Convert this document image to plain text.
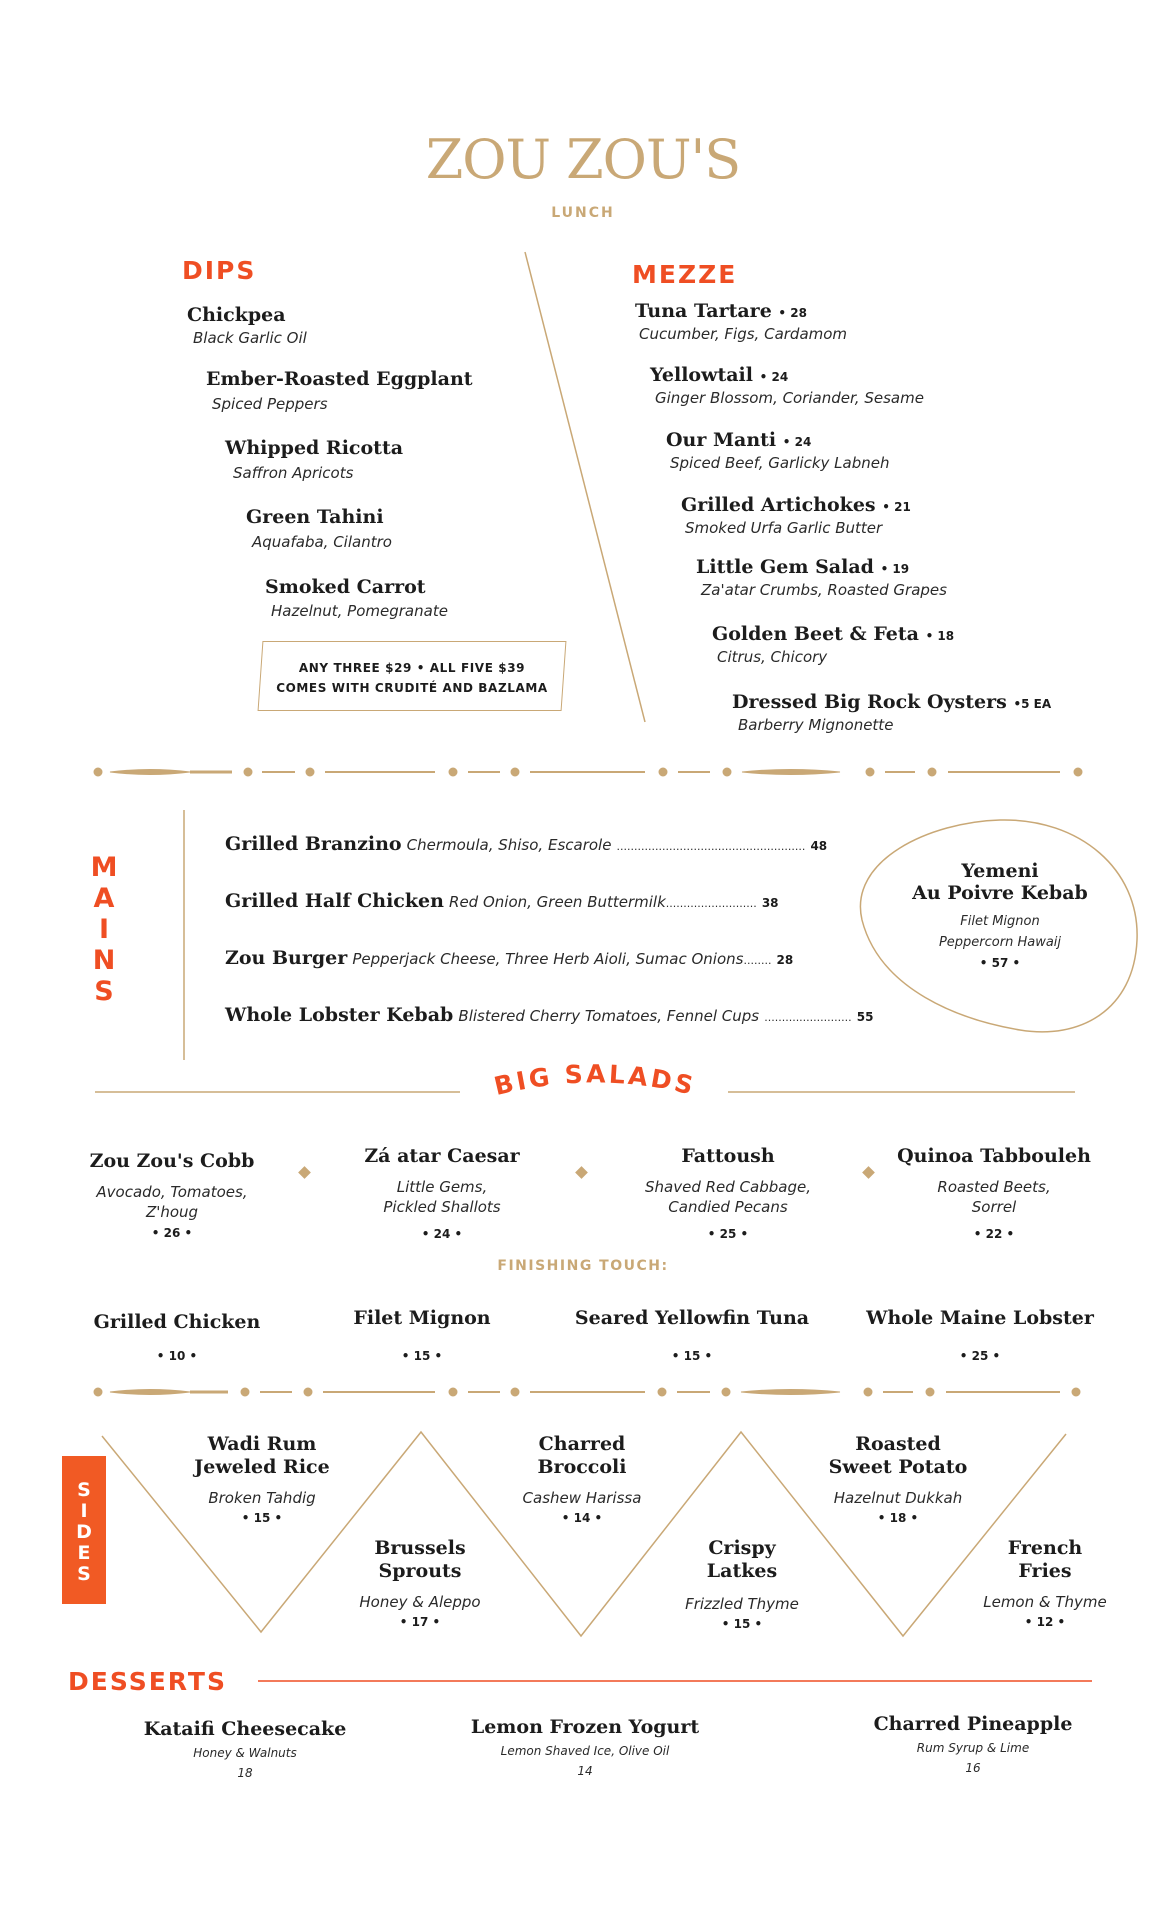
ZOU ZOU'S
LUNCH
DIPS
Chickpea
Black Garlic Oil
Ember-Roasted Eggplant
Spiced Peppers
Whipped Ricotta
Saffron Apricots
Green Tahini
Aquafaba, Cilantro
Smoked Carrot
Hazelnut, Pomegranate
ANY THREE $29 • ALL FIVE $39
COMES WITH CRUDITÉ AND BAZLAMA
MEZZE
Tuna Tartare • 28
Cucumber, Figs, Cardamom
Yellowtail • 24
Ginger Blossom, Coriander, Sesame
Our Manti • 24
Spiced Beef, Garlicky Labneh
Grilled Artichokes • 21
Smoked Urfa Garlic Butter
Little Gem Salad • 19
Za'atar Crumbs, Roasted Grapes
Golden Beet & Feta • 18
Citrus, Chicory
Dressed Big Rock Oysters •5 EA
Barberry Mignonette
M
A
I
N
S
Grilled Branzino Chermoula, Shiso, Escarole ...................................................... 48
Grilled Half Chicken Red Onion, Green Buttermilk.......................... 38
Zou Burger Pepperjack Cheese, Three Herb Aioli, Sumac Onions........ 28
Whole Lobster Kebab Blistered Cherry Tomatoes, Fennel Cups ......................... 55
Yemeni
Au Poivre Kebab
Filet Mignon
Peppercorn Hawaij
• 57 •
BIG SALADS
Zou Zou's Cobb
Avocado, Tomatoes,
Z'houg
• 26 •
Zá atar Caesar
Little Gems,
Pickled Shallots
• 24 •
Fattoush
Shaved Red Cabbage,
Candied Pecans
• 25 •
Quinoa Tabbouleh
Roasted Beets,
Sorrel
• 22 •
FINISHING TOUCH:
Grilled Chicken
• 10 •
Filet Mignon
• 15 •
Seared Yellowfin Tuna
• 15 •
Whole Maine Lobster
• 25 •
S
I
D
E
S
Wadi Rum
Jeweled Rice
Broken Tahdig
• 15 •
Brussels
Sprouts
Honey & Aleppo
• 17 •
Charred
Broccoli
Cashew Harissa
• 14 •
Crispy
Latkes
Frizzled Thyme
• 15 •
Roasted
Sweet Potato
Hazelnut Dukkah
• 18 •
French
Fries
Lemon & Thyme
• 12 •
DESSERTS
Kataifi Cheesecake
Honey & Walnuts
18
Lemon Frozen Yogurt
Lemon Shaved Ice, Olive Oil
14
Charred Pineapple
Rum Syrup & Lime
16
